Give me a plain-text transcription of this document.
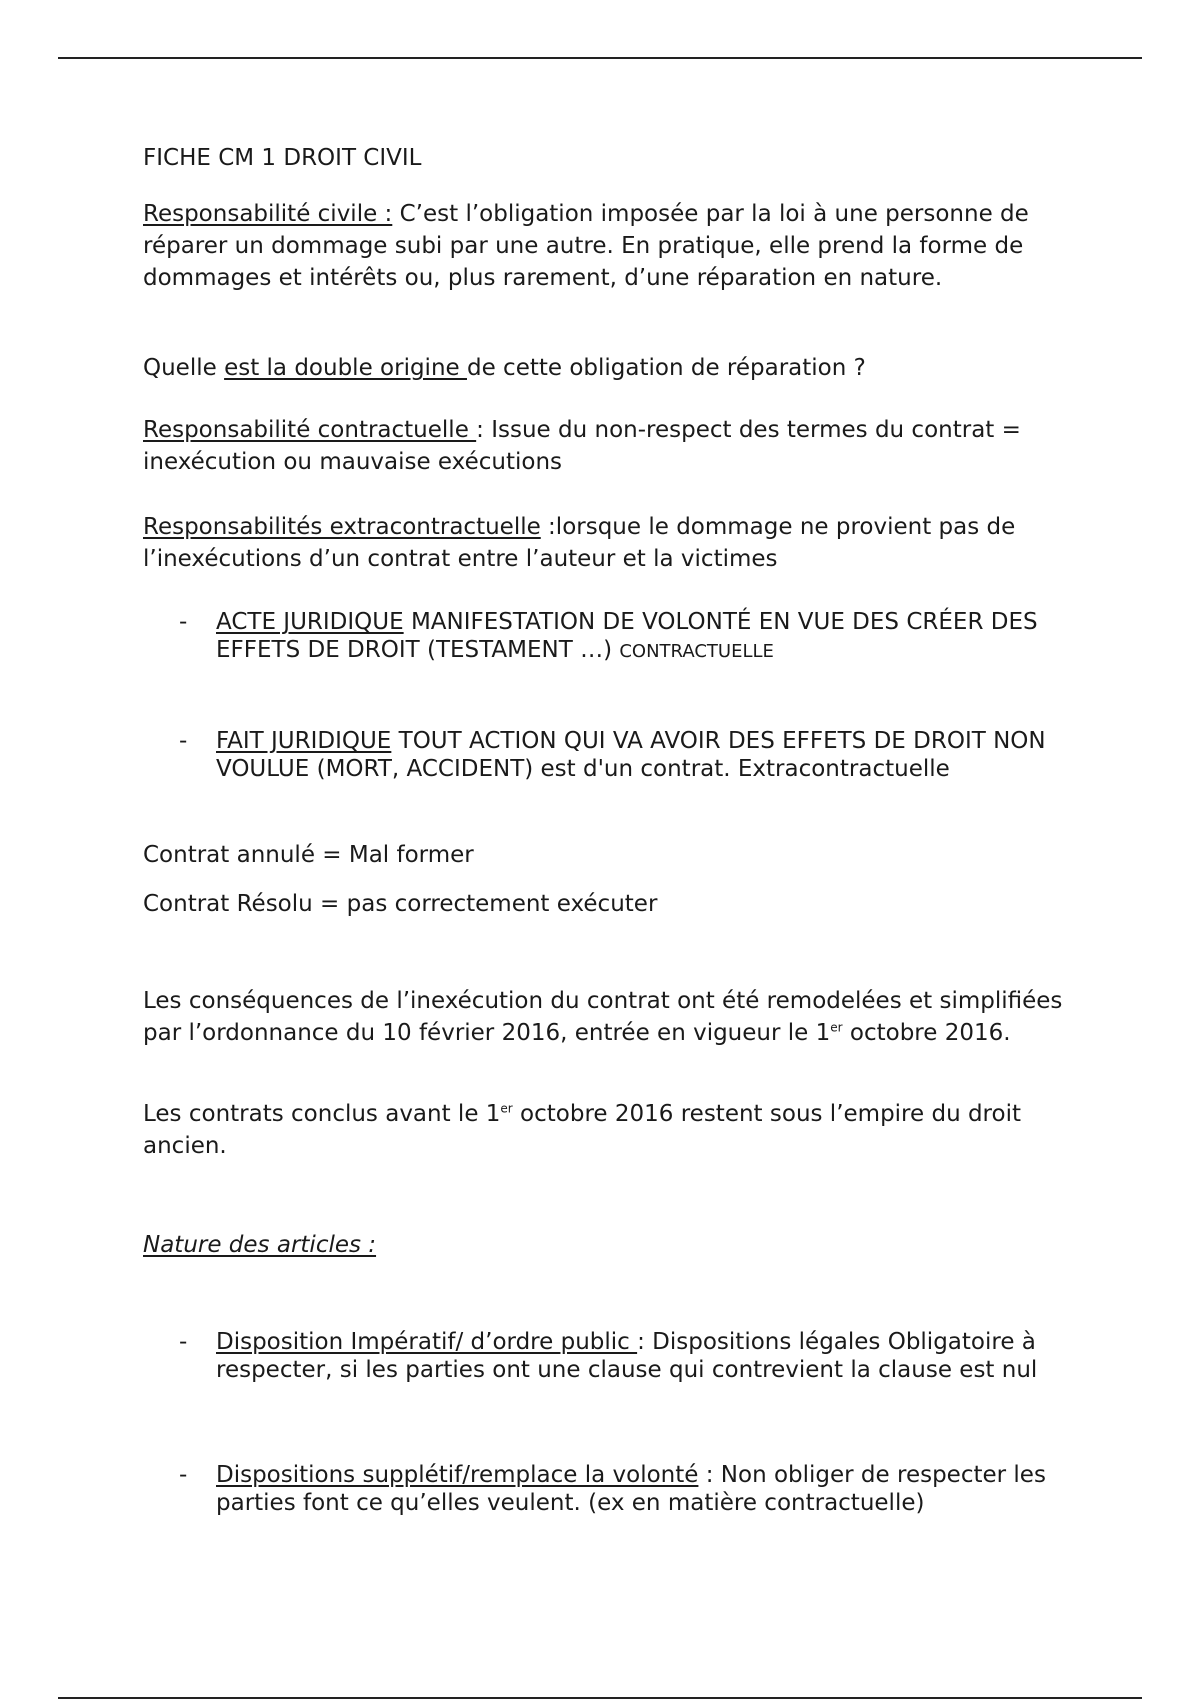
FICHE CM 1 DROIT CIVIL

Responsabilité civile : C’est l’obligation imposée par la loi à une personne de réparer un dommage subi par une autre. En pratique, elle prend la forme de dommages et intérêts ou, plus rarement, d’une réparation en nature.

Quelle est la double origine de cette obligation de réparation ?

Responsabilité contractuelle : Issue du non-respect des termes du contrat = inexécution ou mauvaise exécutions

Responsabilités extracontractuelle :lorsque le dommage ne provient pas de l’inexécutions d’un contrat entre l’auteur et la victimes

- ACTE JURIDIQUE MANIFESTATION DE VOLONTÉ EN VUE DES CRÉER DES EFFETS DE DROIT (TESTAMENT …) CONTRACTUELLE
- FAIT JURIDIQUE TOUT ACTION QUI VA AVOIR DES EFFETS DE DROIT NON VOULUE (MORT, ACCIDENT) est d'un contrat. Extracontractuelle

Contrat annulé = Mal former

Contrat Résolu = pas correctement exécuter

Les conséquences de l’inexécution du contrat ont été remodelées et simplifiées par l’ordonnance du 10 février 2016, entrée en vigueur le 1er octobre 2016.

Les contrats conclus avant le 1er octobre 2016 restent sous l’empire du droit ancien.

Nature des articles :

- Disposition Impératif/ d’ordre public : Dispositions légales Obligatoire à respecter, si les parties ont une clause qui contrevient la clause est nul
- Dispositions supplétif/remplace la volonté : Non obliger de respecter les parties font ce qu’elles veulent. (ex en matière contractuelle)
